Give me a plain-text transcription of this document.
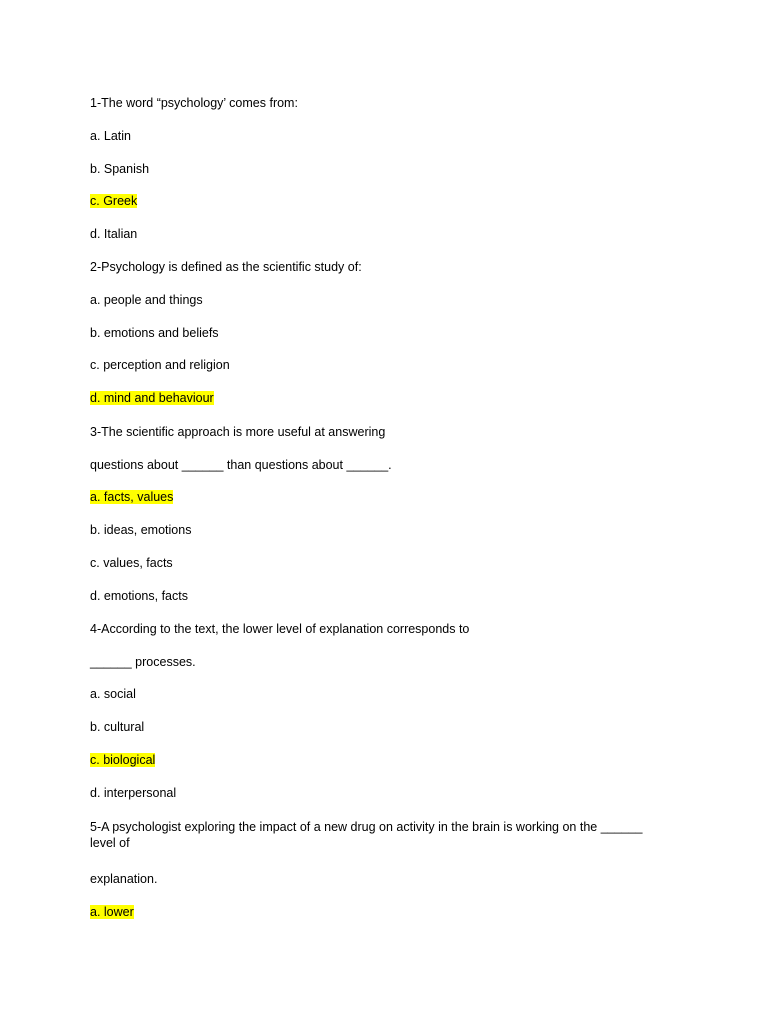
1-The word “psychology’ comes from:
a. Latin
b. Spanish
c. Greek
d. Italian
2-Psychology is defined as the scientific study of:
a. people and things
b. emotions and beliefs
c. perception and religion
d. mind and behaviour
3-The scientific approach is more useful at answering
questions about ______ than questions about ______.
a. facts, values
b. ideas, emotions
c. values, facts
d. emotions, facts
4-According to the text, the lower level of explanation corresponds to
______ processes.
a. social
b. cultural
c. biological
d. interpersonal
5-A psychologist exploring the impact of a new drug on activity in the brain is working on the ______ level of
explanation.
a. lower
